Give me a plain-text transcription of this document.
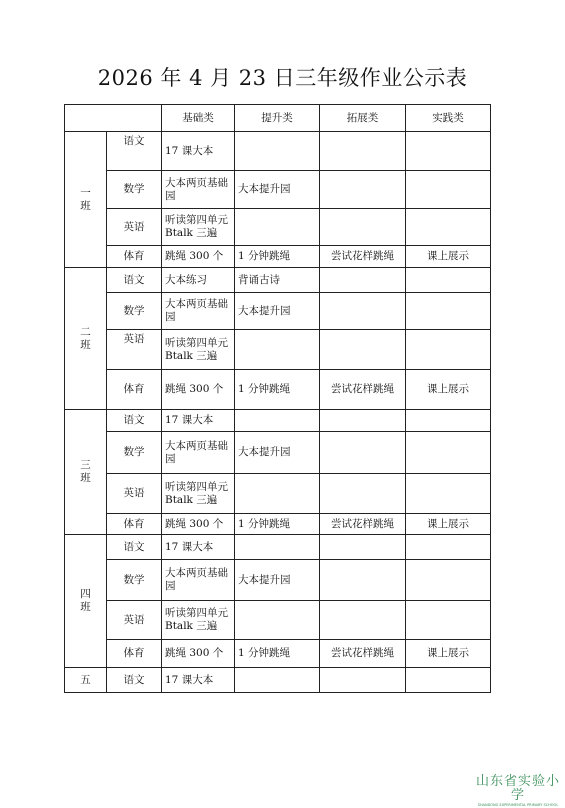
2026 年 4 月 23 日三年级作业公示表
		基础类	提升类	拓展类	实践类

一
班	语文	17 课大本			
	数学	大本两页基础园	大本提升园		
	英语	听读第四单元 Btalk 三遍			
	体育	跳绳 300 个	1 分钟跳绳	尝试花样跳绳	课上展示

二
班	语文	大本练习	背诵古诗		
	数学	大本两页基础园	大本提升园		
	英语	听读第四单元 Btalk 三遍			
	体育	跳绳 300 个	1 分钟跳绳	尝试花样跳绳	课上展示

三
班	语文	17 课大本			
	数学	大本两页基础园	大本提升园		
	英语	听读第四单元 Btalk 三遍			
	体育	跳绳 300 个	1 分钟跳绳	尝试花样跳绳	课上展示

四
班	语文	17 课大本			
	数学	大本两页基础园	大本提升园		
	英语	听读第四单元 Btalk 三遍			
	体育	跳绳 300 个	1 分钟跳绳	尝试花样跳绳	课上展示

五	语文	17 课大本			
山东省实验小学
SHANDONG EXPERIMENTAL PRIMARY SCHOOL
